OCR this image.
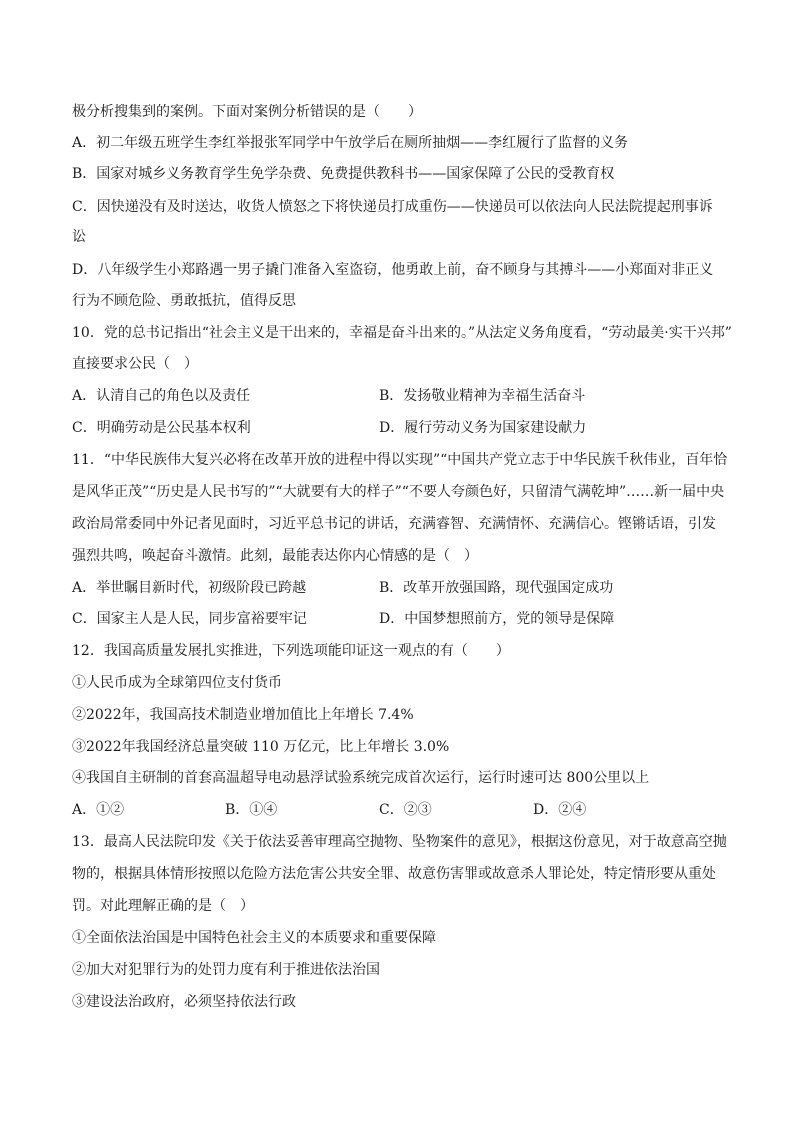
极分析搜集到的案例。下面对案例分析错误的是（　　）
A．初二年级五班学生李红举报张军同学中午放学后在厕所抽烟——李红履行了监督的义务
B．国家对城乡义务教育学生免学杂费、免费提供教科书——国家保障了公民的受教育权
C．因快递没有及时送达，收货人愤怒之下将快递员打成重伤——快递员可以依法向人民法院提起刑事诉
讼
D．八年级学生小郑路遇一男子撬门准备入室盗窃，他勇敢上前，奋不顾身与其搏斗——小郑面对非正义
行为不顾危险、勇敢抵抗，值得反思
10．党的总书记指出“社会主义是干出来的，幸福是奋斗出来的。”从法定义务角度看，“劳动最美·实干兴邦”
直接要求公民（　）
A．认清自己的角色以及责任	B．发扬敬业精神为幸福生活奋斗
C．明确劳动是公民基本权利	D．履行劳动义务为国家建设献力
11．“中华民族伟大复兴必将在改革开放的进程中得以实现”“中国共产党立志于中华民族千秋伟业，百年恰
是风华正茂”“历史是人民书写的”“大就要有大的样子”“不要人夸颜色好，只留清气满乾坤”……新一届中央
政治局常委同中外记者见面时，习近平总书记的讲话，充满睿智、充满情怀、充满信心。铿锵话语，引发
强烈共鸣，唤起奋斗激情。此刻，最能表达你内心情感的是（　）
A．举世瞩目新时代，初级阶段已跨越	B．改革开放强国路，现代强国定成功
C．国家主人是人民，同步富裕要牢记	D．中国梦想照前方，党的领导是保障
12．我国高质量发展扎实推进，下列选项能印证这一观点的有（　　）
①人民币成为全球第四位支付货币
②2022年，我国高技术制造业增加值比上年增长 7.4%
③2022年我国经济总量突破 110 万亿元，比上年增长 3.0%
④我国自主研制的首套高温超导电动悬浮试验系统完成首次运行，运行时速可达 800公里以上
A．①②	B．①④	C．②③	D．②④
13．最高人民法院印发《关于依法妥善审理高空抛物、坠物案件的意见》，根据这份意见，对于故意高空抛
物的，根据具体情形按照以危险方法危害公共安全罪、故意伤害罪或故意杀人罪论处，特定情形要从重处
罚。对此理解正确的是（　）
①全面依法治国是中国特色社会主义的本质要求和重要保障
②加大对犯罪行为的处罚力度有利于推进依法治国
③建设法治政府，必须坚持依法行政
